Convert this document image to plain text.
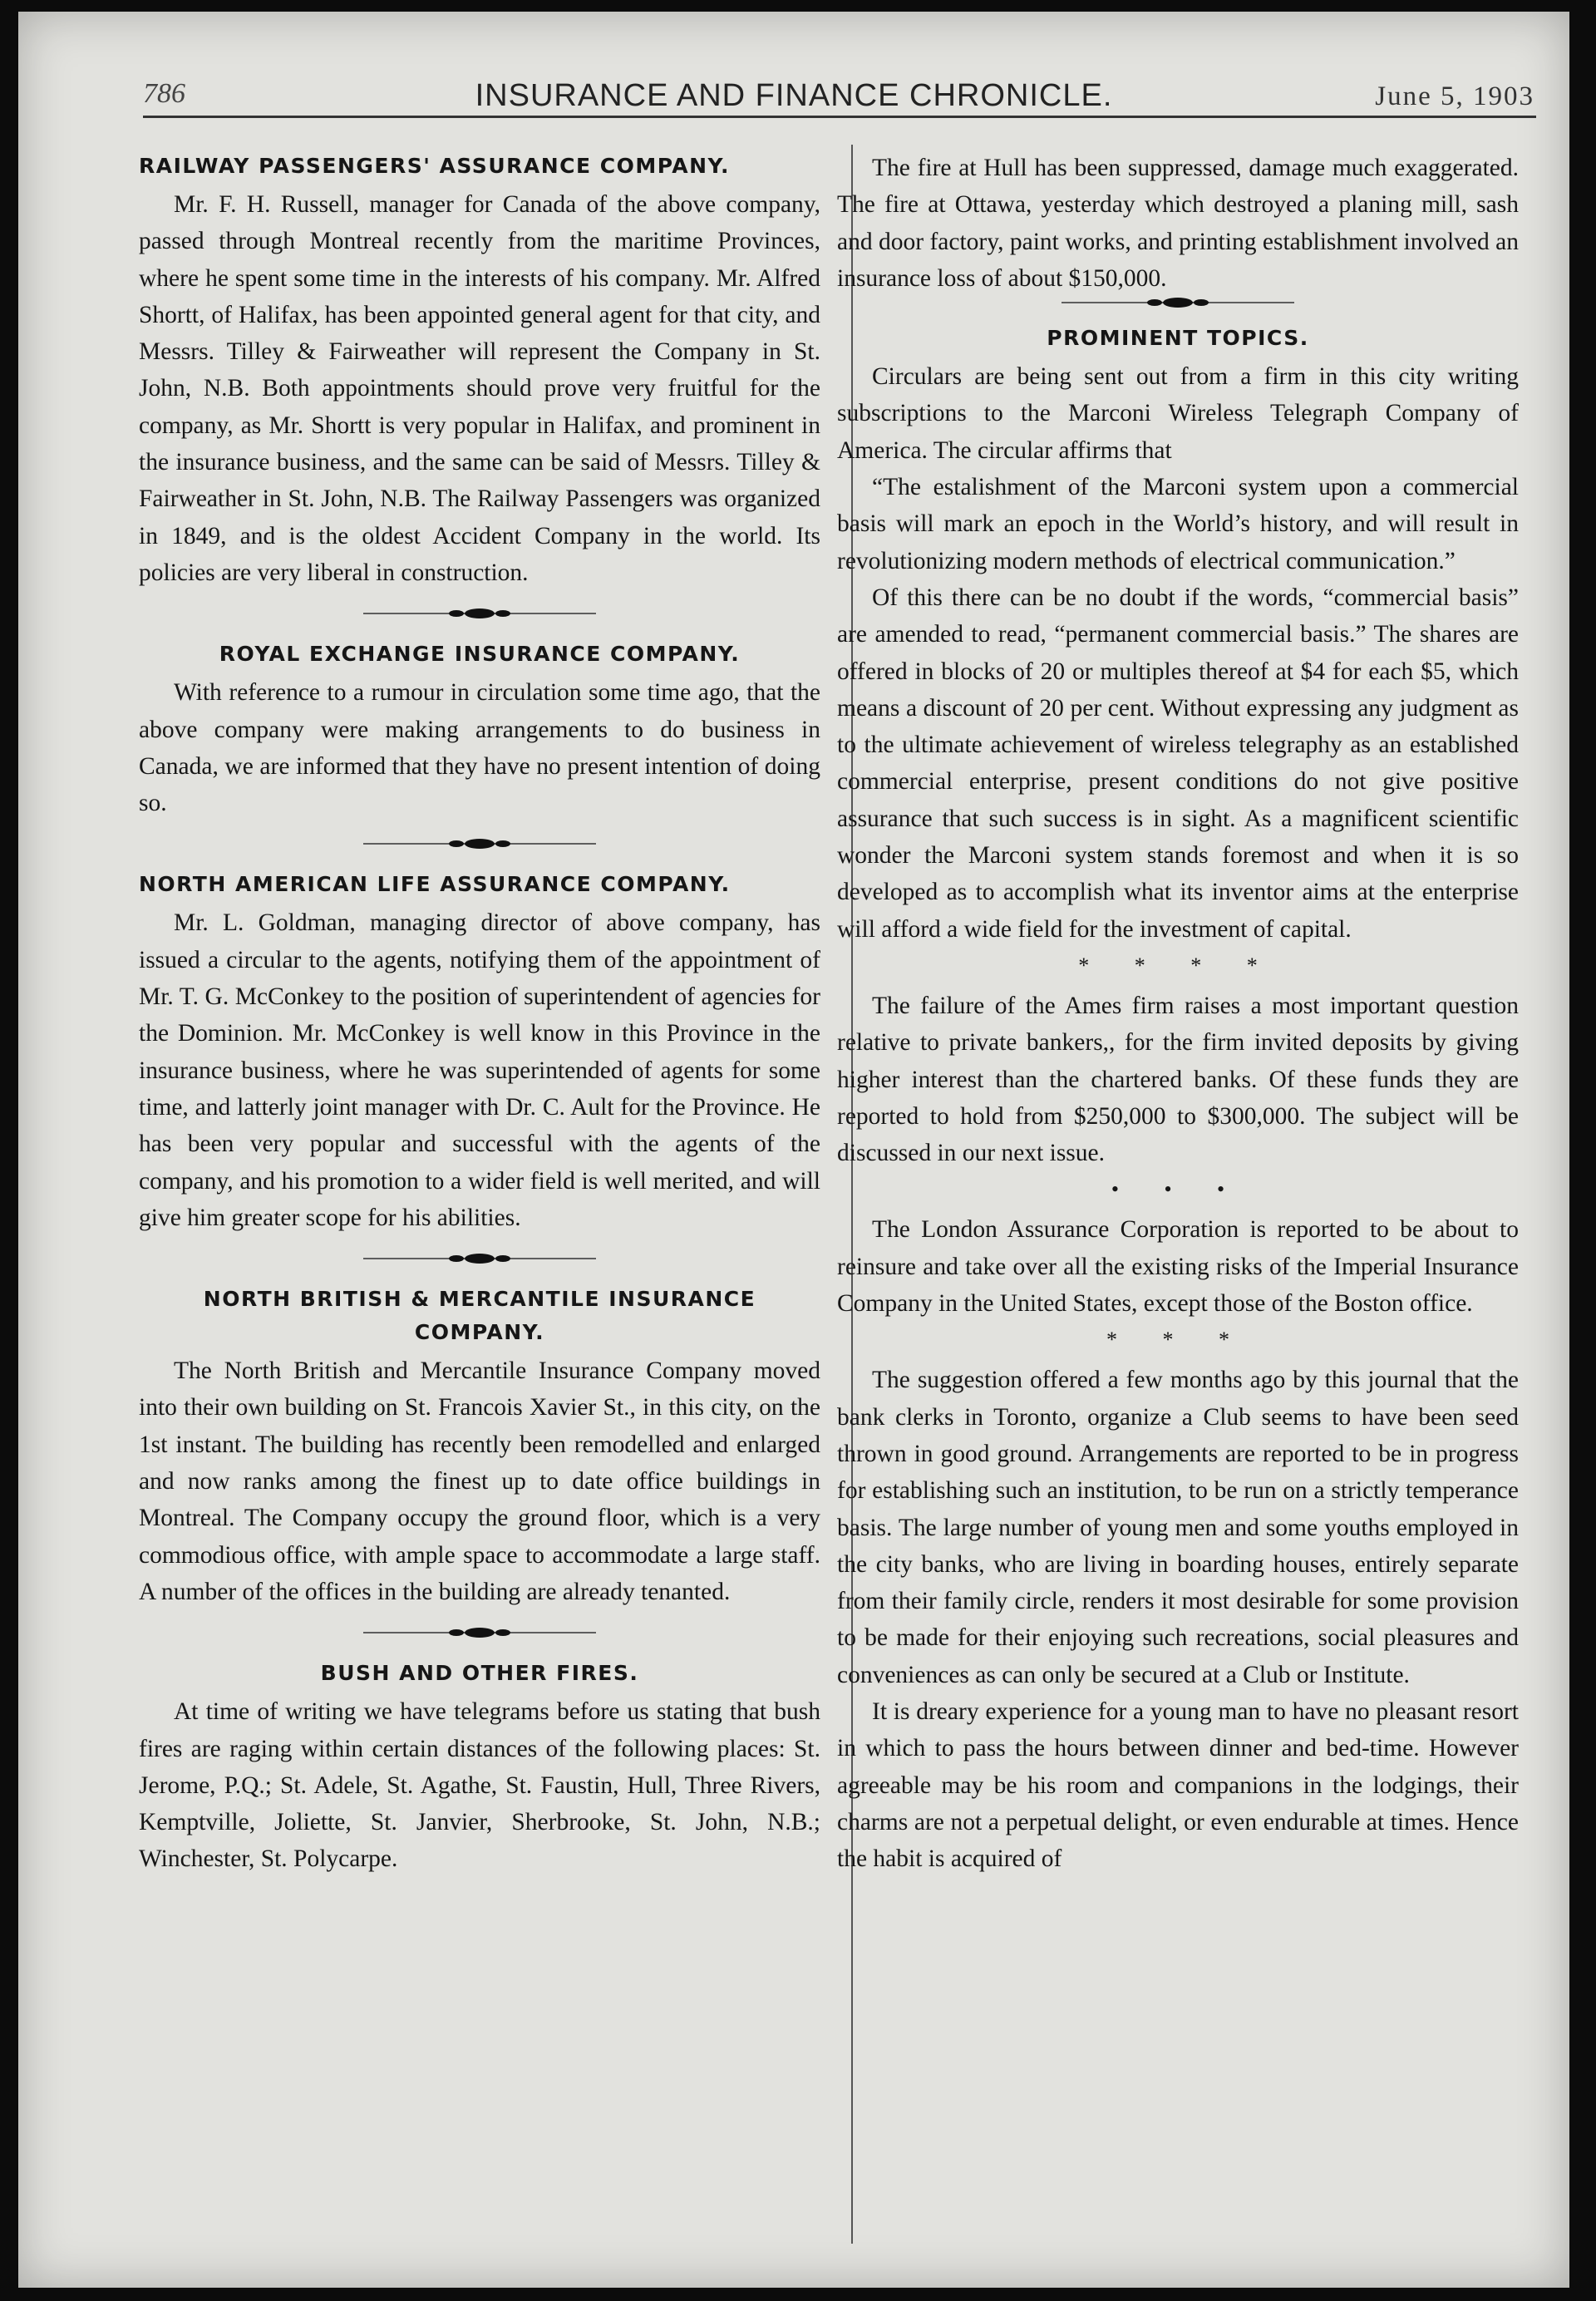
786	INSURANCE AND FINANCE CHRONICLE.	June 5, 1903
RAILWAY PASSENGERS' ASSURANCE COMPANY.

Mr. F. H. Russell, manager for Canada of the above company, passed through Montreal recently from the maritime Provinces, where he spent some time in the interests of his company. Mr. Alfred Shortt, of Halifax, has been appointed general agent for that city, and Messrs. Tilley & Fairweather will represent the Company in St. John, N.B. Both appointments should prove very fruitful for the company, as Mr. Shortt is very popular in Halifax, and prominent in the insurance business, and the same can be said of Messrs. Tilley & Fairweather in St. John, N.B. The Railway Passengers was organized in 1849, and is the oldest Accident Company in the world. Its policies are very liberal in construction.

ROYAL EXCHANGE INSURANCE COMPANY.

With reference to a rumour in circulation some time ago, that the above company were making arrangements to do business in Canada, we are informed that they have no present intention of doing so.

NORTH AMERICAN LIFE ASSURANCE COMPANY.

Mr. L. Goldman, managing director of above company, has issued a circular to the agents, notifying them of the appointment of Mr. T. G. McConkey to the position of superintendent of agencies for the Dominion. Mr. McConkey is well know in this Province in the insurance business, where he was superintended of agents for some time, and latterly joint manager with Dr. C. Ault for the Province. He has been very popular and successful with the agents of the company, and his promotion to a wider field is well merited, and will give him greater scope for his abilities.

NORTH BRITISH & MERCANTILE INSURANCE COMPANY.

The North British and Mercantile Insurance Company moved into their own building on St. Francois Xavier St., in this city, on the 1st instant. The building has recently been remodelled and enlarged and now ranks among the finest up to date office buildings in Montreal. The Company occupy the ground floor, which is a very commodious office, with ample space to accommodate a large staff. A number of the offices in the building are already tenanted.

BUSH AND OTHER FIRES.

At time of writing we have telegrams before us stating that bush fires are raging within certain distances of the following places: St. Jerome, P.Q.; St. Adele, St. Agathe, St. Faustin, Hull, Three Rivers, Kemptville, Joliette, St. Janvier, Sherbrooke, St. John, N.B.; Winchester, St. Polycarpe.

The fire at Hull has been suppressed, damage much exaggerated. The fire at Ottawa, yesterday which destroyed a planing mill, sash and door factory, paint works, and printing establishment involved an insurance loss of about $150,000.

PROMINENT TOPICS.

Circulars are being sent out from a firm in this city writing subscriptions to the Marconi Wireless Telegraph Company of America. The circular affirms that

“The estalishment of the Marconi system upon a commercial basis will mark an epoch in the World’s history, and will result in revolutionizing modern methods of electrical communication.”

Of this there can be no doubt if the words, “commercial basis” are amended to read, “permanent commercial basis.” The shares are offered in blocks of 20 or multiples thereof at $4 for each $5, which means a discount of 20 per cent. Without expressing any judgment as to the ultimate achievement of wireless telegraphy as an established commercial enterprise, present conditions do not give positive assurance that such success is in sight. As a magnificent scientific wonder the Marconi system stands foremost and when it is so developed as to accomplish what its inventor aims at the enterprise will afford a wide field for the investment of capital.

* * * *

The failure of the Ames firm raises a most important question relative to private bankers,, for the firm invited deposits by giving higher interest than the chartered banks. Of these funds they are reported to hold from $250,000 to $300,000. The subject will be discussed in our next issue.

• • •

The London Assurance Corporation is reported to be about to reinsure and take over all the existing risks of the Imperial Insurance Company in the United States, except those of the Boston office.

* * *

The suggestion offered a few months ago by this journal that the bank clerks in Toronto, organize a Club seems to have been seed thrown in good ground. Arrangements are reported to be in progress for establishing such an institution, to be run on a strictly temperance basis. The large number of young men and some youths employed in the city banks, who are living in boarding houses, entirely separate from their family circle, renders it most desirable for some provision to be made for their enjoying such recreations, social pleasures and conveniences as can only be secured at a Club or Institute.

It is dreary experience for a young man to have no pleasant resort in which to pass the hours between dinner and bed-time. However agreeable may be his room and companions in the lodgings, their charms are not a perpetual delight, or even endurable at times. Hence the habit is acquired of
